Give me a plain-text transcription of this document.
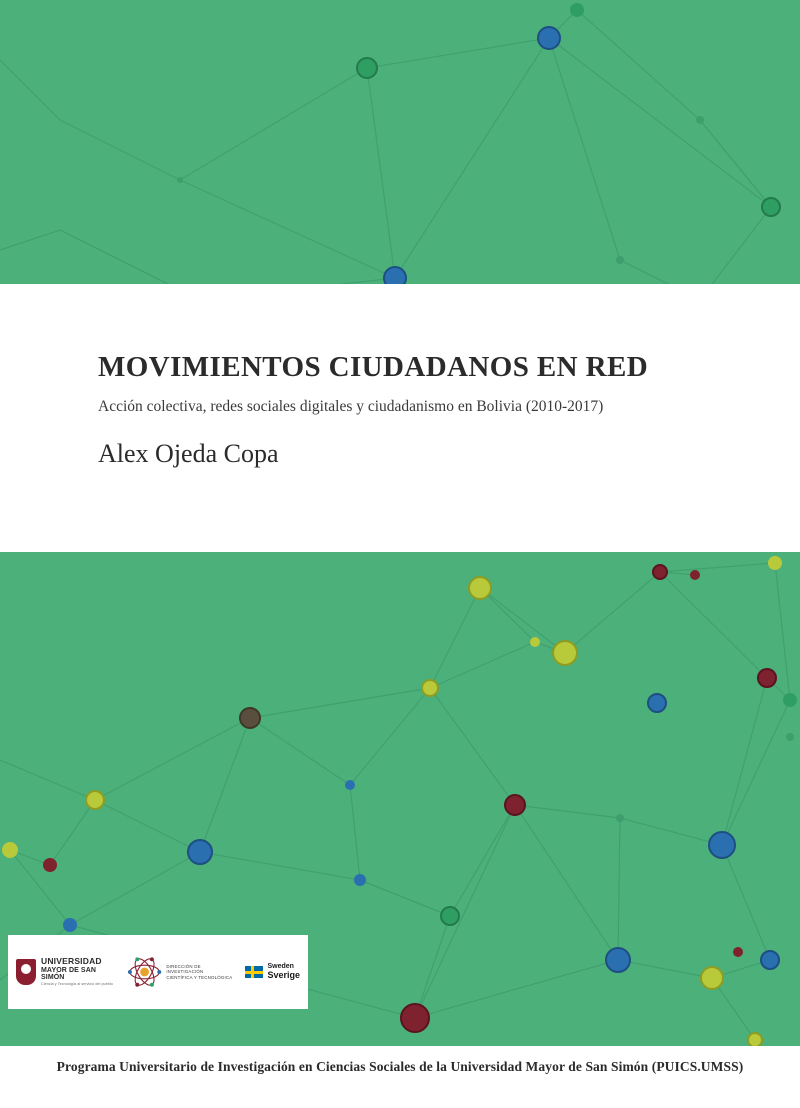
MOVIMIENTOS CIUDADANOS EN RED

Acción colectiva, redes sociales digitales y ciudadanismo en Bolivia (2010-2017)

Alex Ojeda Copa

UNIVERSIDAD
MAYOR DE SAN SIMÓN
Ciencia y Tecnología al servicio del pueblo
DIRECCIÓN DE INVESTIGACIÓN
CIENTÍFICA Y TECNOLÓGICA
Sweden
Sverige
Programa Universitario de Investigación en Ciencias Sociales de la Universidad Mayor de San Simón (PUICS.UMSS)
